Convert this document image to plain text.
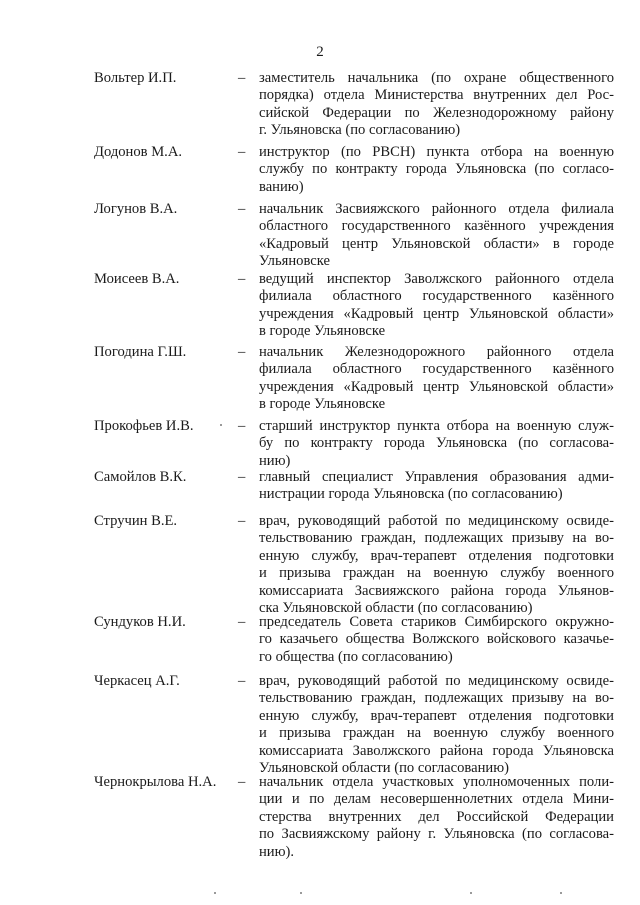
2
Вольтер И.П.	– заместитель начальника (по охране общественного
порядка) отдела Министерства внутренних дел Рос-
сийской Федерации по Железнодорожному району
г. Ульяновска (по согласованию)
Додонов М.А.	– инструктор (по РВСН) пункта отбора на военную
службу по контракту города Ульяновска (по согласо-
ванию)
Логунов В.А.	– начальник Засвияжского районного отдела филиала
областного государственного казённого учреждения
«Кадровый центр Ульяновской области» в городе
Ульяновске
Моисеев В.А.	– ведущий инспектор Заволжского районного отдела
филиала областного государственного казённого
учреждения «Кадровый центр Ульяновской области»
в городе Ульяновске
Погодина Г.Ш.	– начальник Железнодорожного районного отдела
филиала областного государственного казённого
учреждения «Кадровый центр Ульяновской области»
в городе Ульяновске
Прокофьев И.В.	– старший инструктор пункта отбора на военную служ-
бу по контракту города Ульяновска (по согласова-
нию)
Самойлов В.К.	– главный специалист Управления образования адми-
нистрации города Ульяновска (по согласованию)
Стручин В.Е.	– врач, руководящий работой по медицинскому освиде-
тельствованию граждан, подлежащих призыву на во-
енную службу, врач-терапевт отделения подготовки
и призыва граждан на военную службу военного
комиссариата Засвияжского района города Ульянов-
ска Ульяновской области (по согласованию)
Сундуков Н.И.	– председатель Совета стариков Симбирского окружно-
го казачьего общества Волжского войскового казачье-
го общества (по согласованию)
Черкасец А.Г.	– врач, руководящий работой по медицинскому освиде-
тельствованию граждан, подлежащих призыву на во-
енную службу, врач-терапевт отделения подготовки
и призыва граждан на военную службу военного
комиссариата Заволжского района города Ульяновска
Ульяновской области (по согласованию)
Чернокрылова Н.А. – начальник отдела участковых уполномоченных поли-
ции и по делам несовершеннолетних отдела Мини-
стерства внутренних дел Российской Федерации
по Засвияжскому району г. Ульяновска (по согласова-
нию).
